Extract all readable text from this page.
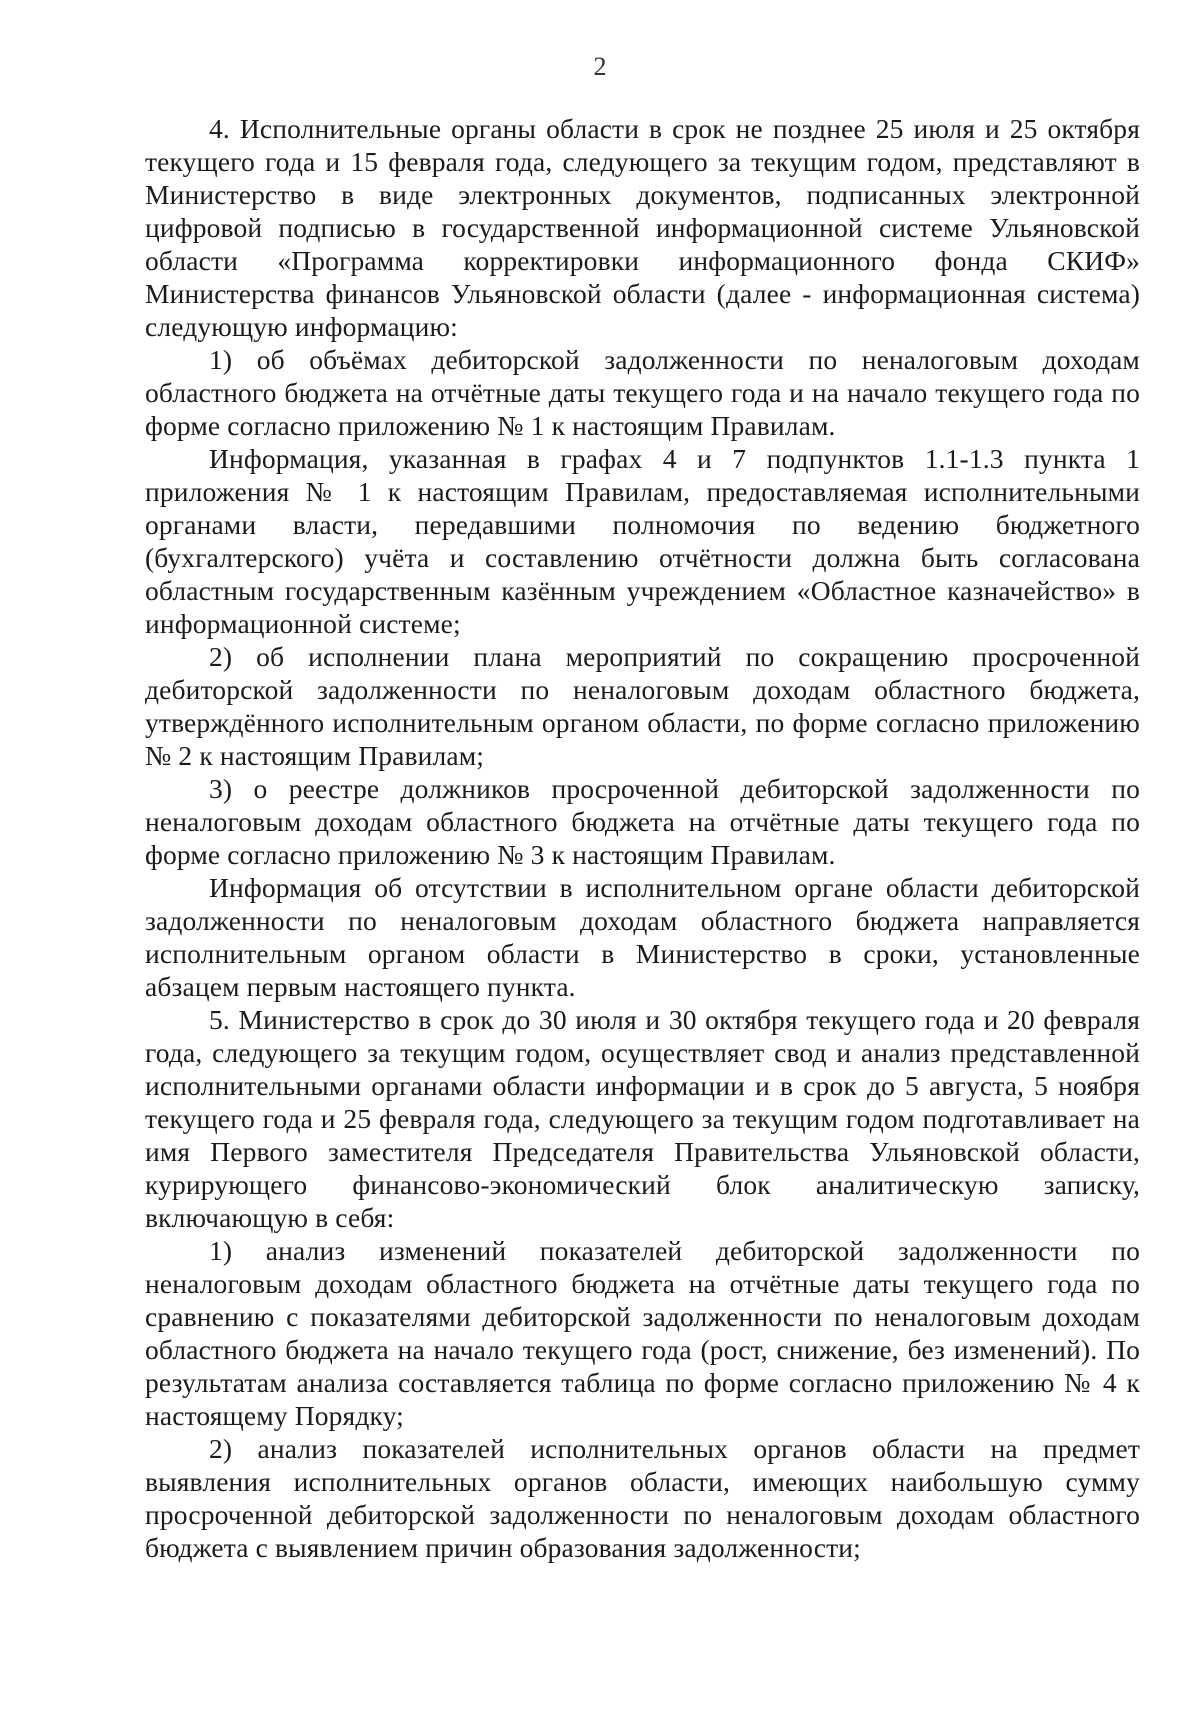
2

4. Исполнительные органы области в срок не позднее 25 июля и 25 октября текущего года и 15 февраля года, следующего за текущим годом, представляют в Министерство в виде электронных документов, подписанных электронной цифровой подписью в государственной информационной системе Ульяновской области «Программа корректировки информационного фонда СКИФ» Министерства финансов Ульяновской области (далее - информационная система) следующую информацию:

1) об объёмах дебиторской задолженности по неналоговым доходам областного бюджета на отчётные даты текущего года и на начало текущего года по форме согласно приложению № 1 к настоящим Правилам.

Информация, указанная в графах 4 и 7 подпунктов 1.1-1.3 пункта 1 приложения № 1 к настоящим Правилам, предоставляемая исполнительными органами власти, передавшими полномочия по ведению бюджетного (бухгалтерского) учёта и составлению отчётности должна быть согласована областным государственным казённым учреждением «Областное казначейство» в информационной системе;

2) об исполнении плана мероприятий по сокращению просроченной дебиторской задолженности по неналоговым доходам областного бюджета, утверждённого исполнительным органом области, по форме согласно приложению № 2 к настоящим Правилам;

3) о реестре должников просроченной дебиторской задолженности по неналоговым доходам областного бюджета на отчётные даты текущего года по форме согласно приложению № 3 к настоящим Правилам.

Информация об отсутствии в исполнительном органе области дебиторской задолженности по неналоговым доходам областного бюджета направляется исполнительным органом области в Министерство в сроки, установленные абзацем первым настоящего пункта.

5. Министерство в срок до 30 июля и 30 октября текущего года и 20 февраля года, следующего за текущим годом, осуществляет свод и анализ представленной исполнительными органами области информации и в срок до 5 августа, 5 ноября текущего года и 25 февраля года, следующего за текущим годом подготавливает на имя Первого заместителя Председателя Правительства Ульяновской области, курирующего финансово-экономический блок аналитическую записку, включающую в себя:

1) анализ изменений показателей дебиторской задолженности по неналоговым доходам областного бюджета на отчётные даты текущего года по сравнению с показателями дебиторской задолженности по неналоговым доходам областного бюджета на начало текущего года (рост, снижение, без изменений). По результатам анализа составляется таблица по форме согласно приложению № 4 к настоящему Порядку;

2) анализ показателей исполнительных органов области на предмет выявления исполнительных органов области, имеющих наибольшую сумму просроченной дебиторской задолженности по неналоговым доходам областного бюджета с выявлением причин образования задолженности;
